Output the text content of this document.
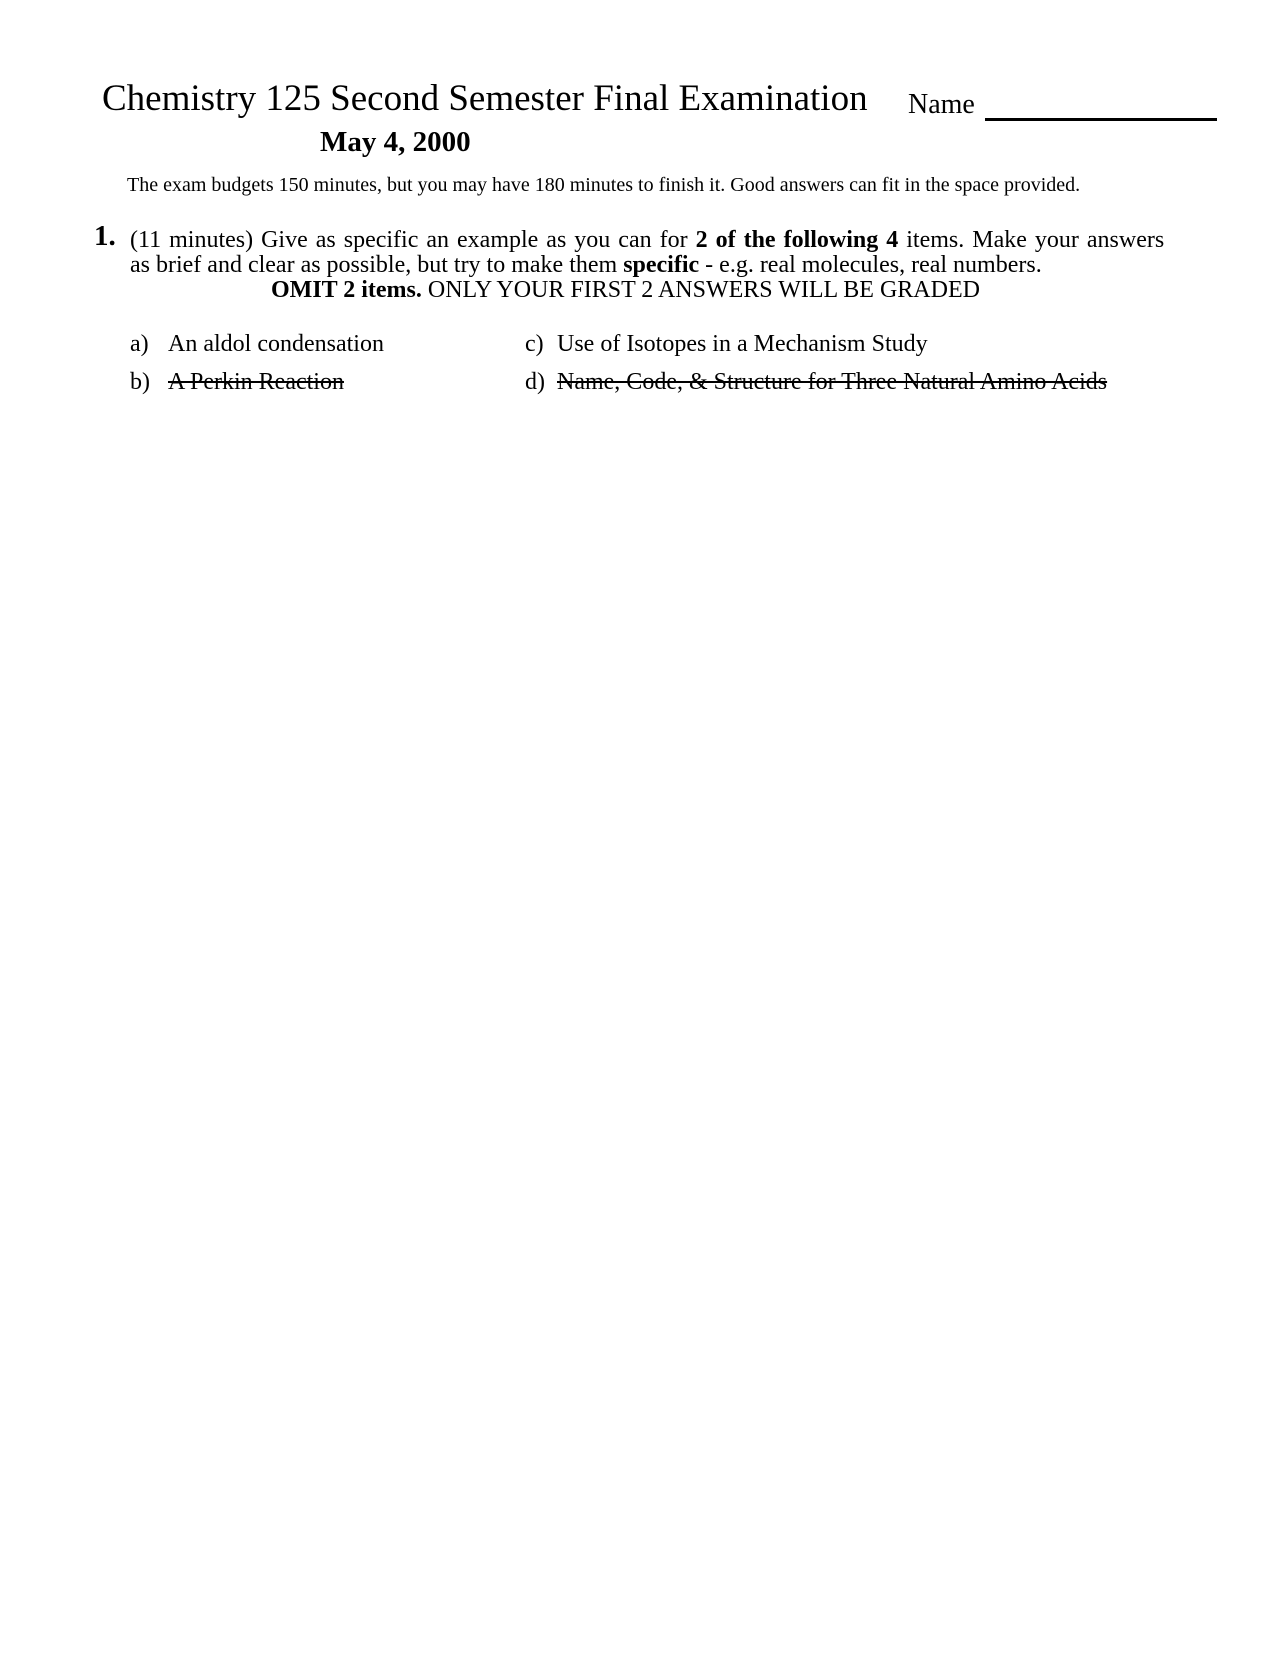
Chemistry 125 Second Semester Final Examination Name
May 4, 2000
The exam budgets 150 minutes, but you may have 180 minutes to finish it. Good answers can fit in the space provided.
1. (11 minutes) Give as specific an example as you can for 2 of the following 4 items. Make your answers
as brief and clear as possible, but try to make them specific - e.g. real molecules, real numbers.
OMIT 2 items. ONLY YOUR FIRST 2 ANSWERS WILL BE GRADED
a) An aldol condensation	c) Use of Isotopes in a Mechanism Study
b) A Perkin Reaction	d) Name, Code, & Structure for Three Natural Amino Acids
